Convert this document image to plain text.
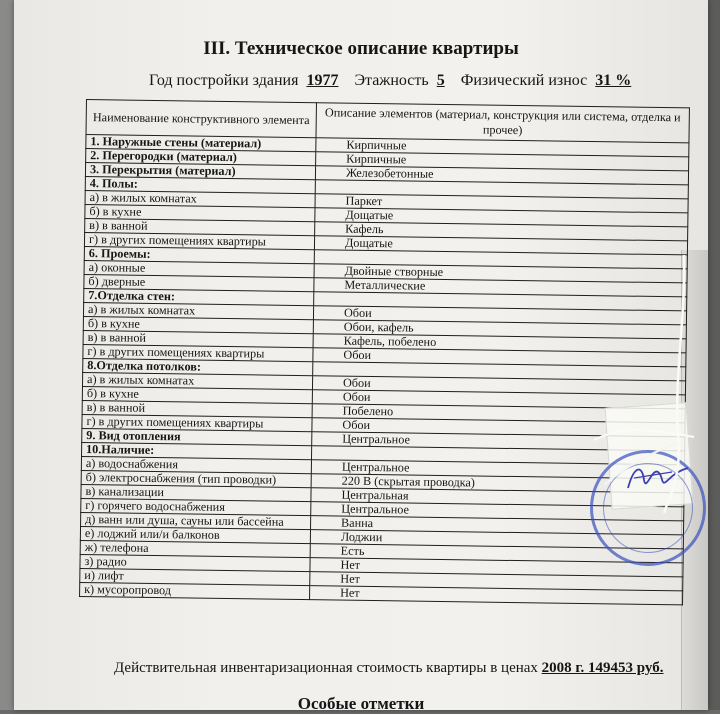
III. Техническое описание квартиры
Год постройки здания 1977 Этажность 5 Физический износ 31 %
Наименование конструктивного элемента	Описание элементов (материал, конструкция или система, отделка и прочее)
1. Наружные стены (материал)	Кирпичные
2. Перегородки (материал)	Кирпичные
3. Перекрытия (материал)	Железобетонные
4. Полы:	
а) в жилых комнатах	Паркет
б) в кухне	Дощатые
в) в ванной	Кафель
г) в других помещениях квартиры	Дощатые
6. Проемы:	
а) оконные	Двойные створные
б) дверные	Металлические
7.Отделка стен:	
а) в жилых комнатах	Обои
б) в кухне	Обои, кафель
в) в ванной	Кафель, побелено
г) в других помещениях квартиры	Обои
8.Отделка потолков:	
а) в жилых комнатах	Обои
б) в кухне	Обои
в) в ванной	Побелено
г) в других помещениях квартиры	Обои
9. Вид отопления	Центральное
10.Наличие:	
а) водоснабжения	Центральное
б) электроснабжения (тип проводки)	220 В (скрытая проводка)
в) канализации	Центральная
г) горячего водоснабжения	Центральное
д) ванн или душа, сауны или бассейна	Ванна
е) лоджий или/и балконов	Лоджии
ж) телефона	Есть
з) радио	Нет
и) лифт	Нет
к) мусоропровод	Нет
Действительная инвентаризационная стоимость квартиры в ценах 2008 г. 149453 руб.
Особые отметки
